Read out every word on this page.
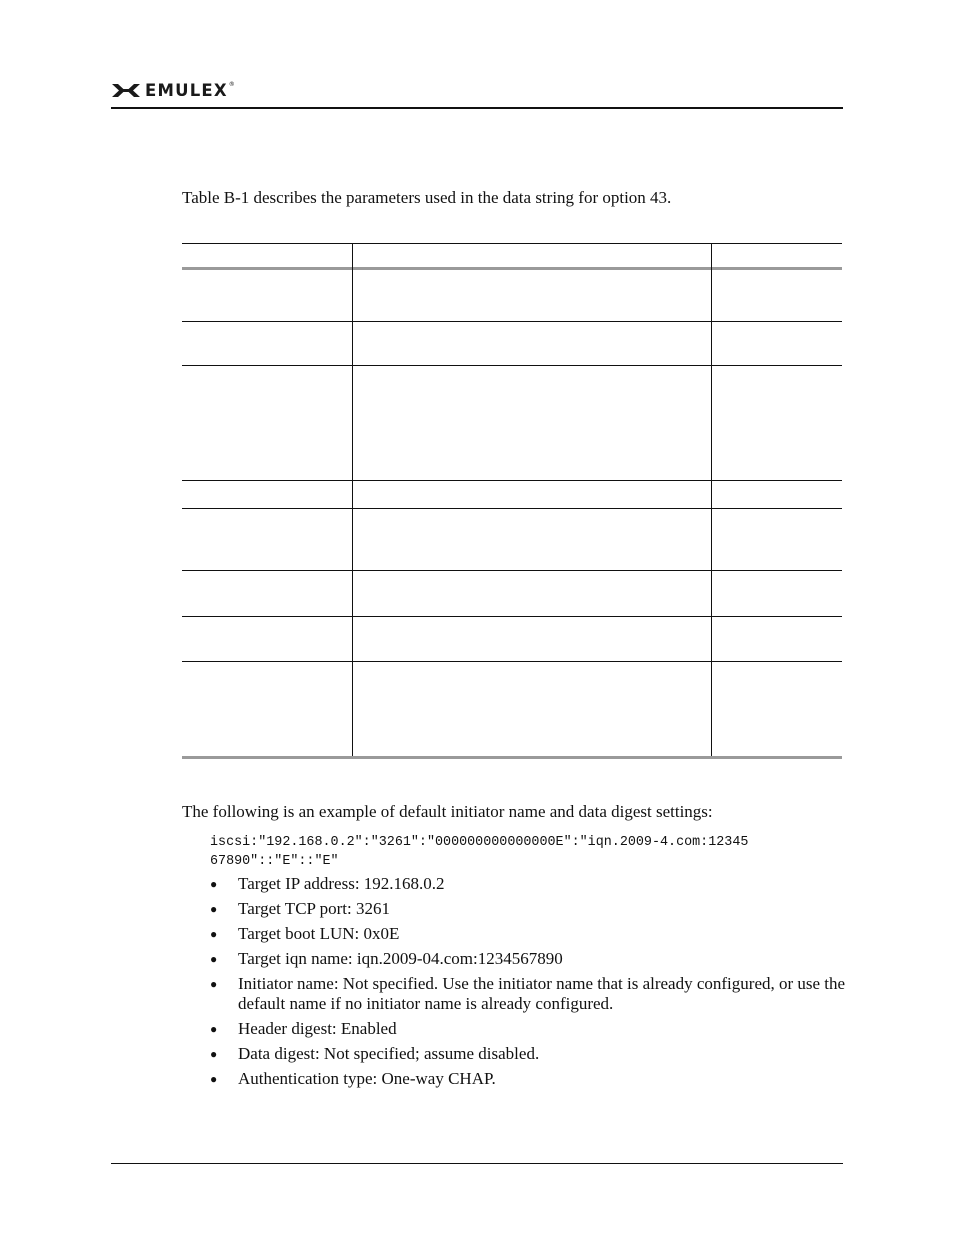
EMULEX ®

Table B-1 describes the parameters used in the data string for option 43.

The following is an example of default initiator name and data digest settings:

iscsi:"192.168.0.2":"3261":"000000000000000E":"iqn.2009-4.com:12345
67890"::"E"::"E"
● Target IP address: 192.168.0.2
● Target TCP port: 3261
● Target boot LUN: 0x0E
● Target iqn name: iqn.2009-04.com:1234567890
● Initiator name: Not specified. Use the initiator name that is already configured, or use the default name if no initiator name is already configured.
● Header digest: Enabled
● Data digest: Not specified; assume disabled.
● Authentication type: One-way CHAP.
